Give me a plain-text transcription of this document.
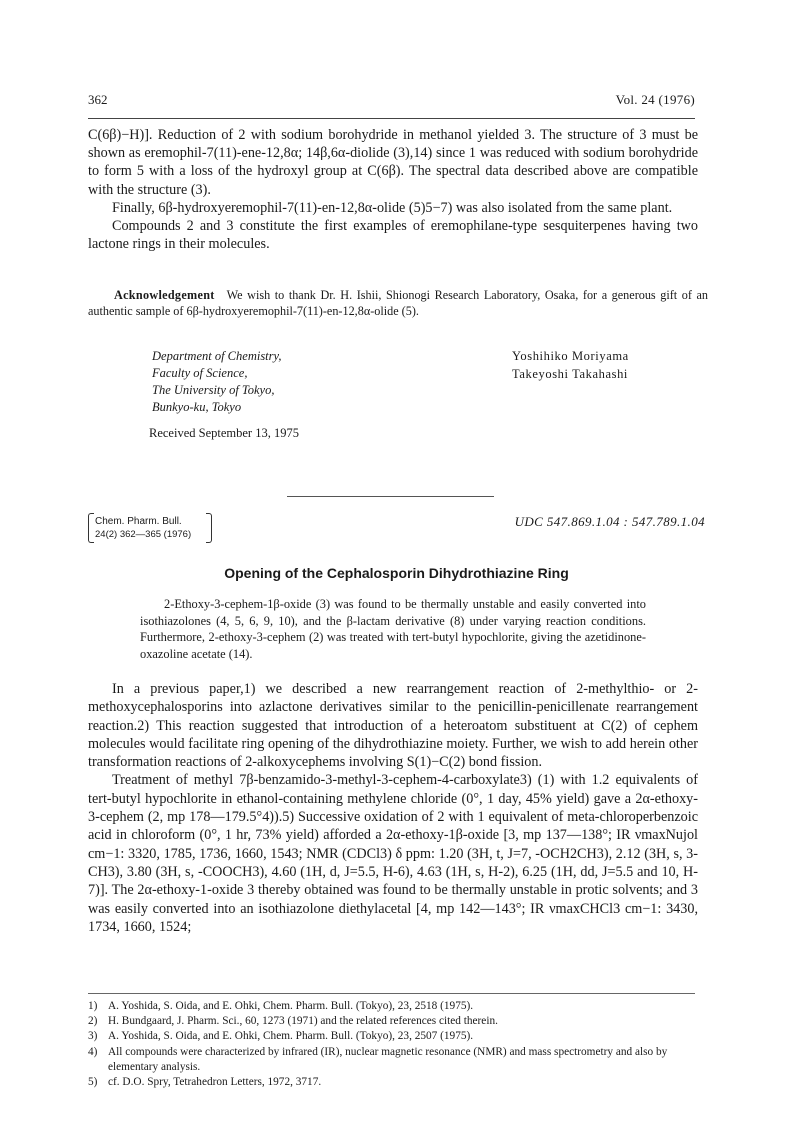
362	Vol. 24 (1976)

C(6β)−H)]. Reduction of 2 with sodium borohydride in methanol yielded 3. The structure of 3 must be shown as eremophil-7(11)-ene-12,8α; 14β,6α-diolide (3),14) since 1 was reduced with sodium borohydride to form 5 with a loss of the hydroxyl group at C(6β). The spectral data described above are compatible with the structure (3).

Finally, 6β-hydroxyeremophil-7(11)-en-12,8α-olide (5)5−7) was also isolated from the same plant.

Compounds 2 and 3 constitute the first examples of eremophilane-type sesquiterpenes having two lactone rings in their molecules.

Acknowledgement We wish to thank Dr. H. Ishii, Shionogi Research Laboratory, Osaka, for a generous gift of an authentic sample of 6β-hydroxyeremophil-7(11)-en-12,8α-olide (5).
Department of Chemistry,
Faculty of Science,
The University of Tokyo,
Bunkyo-ku, Tokyo
Yoshihiko Moriyama
Takeyoshi Takahashi
Received September 13, 1975
Chem. Pharm. Bull.
24(2) 362—365 (1976)
UDC 547.869.1.04 : 547.789.1.04
Opening of the Cephalosporin Dihydrothiazine Ring

2-Ethoxy-3-cephem-1β-oxide (3) was found to be thermally unstable and easily converted into isothiazolones (4, 5, 6, 9, 10), and the β-lactam derivative (8) under varying reaction conditions. Furthermore, 2-ethoxy-3-cephem (2) was treated with tert-butyl hypochlorite, giving the azetidinone-oxazoline acetate (14).

In a previous paper,1) we described a new rearrangement reaction of 2-methylthio- or 2-methoxycephalosporins into azlactone derivatives similar to the penicillin-penicillenate rearrangement reaction.2) This reaction suggested that introduction of a heteroatom substituent at C(2) of cephem molecules would facilitate ring opening of the dihydrothiazine moiety. Further, we wish to add herein other transformation reactions of 2-alkoxycephems involving S(1)−C(2) bond fission.

Treatment of methyl 7β-benzamido-3-methyl-3-cephem-4-carboxylate3) (1) with 1.2 equivalents of tert-butyl hypochlorite in ethanol-containing methylene chloride (0°, 1 day, 45% yield) gave a 2α-ethoxy-3-cephem (2, mp 178—179.5°4)).5) Successive oxidation of 2 with 1 equivalent of meta-chloroperbenzoic acid in chloroform (0°, 1 hr, 73% yield) afforded a 2α-ethoxy-1β-oxide [3, mp 137—138°; IR νmaxNujol cm−1: 3320, 1785, 1736, 1660, 1543; NMR (CDCl3) δ ppm: 1.20 (3H, t, J=7, -OCH2CH3), 2.12 (3H, s, 3-CH3), 3.80 (3H, s, -COOCH3), 4.60 (1H, d, J=5.5, H-6), 4.63 (1H, s, H-2), 6.25 (1H, dd, J=5.5 and 10, H-7)]. The 2α-ethoxy-1-oxide 3 thereby obtained was found to be thermally unstable in protic solvents; and 3 was easily converted into an isothiazolone diethylacetal [4, mp 142—143°; IR νmaxCHCl3 cm−1: 3430, 1734, 1660, 1524;

1) A. Yoshida, S. Oida, and E. Ohki, Chem. Pharm. Bull. (Tokyo), 23, 2518 (1975).
2) H. Bundgaard, J. Pharm. Sci., 60, 1273 (1971) and the related references cited therein.
3) A. Yoshida, S. Oida, and E. Ohki, Chem. Pharm. Bull. (Tokyo), 23, 2507 (1975).
4) All compounds were characterized by infrared (IR), nuclear magnetic resonance (NMR) and mass spectrometry and also by elementary analysis.
5) cf. D.O. Spry, Tetrahedron Letters, 1972, 3717.
